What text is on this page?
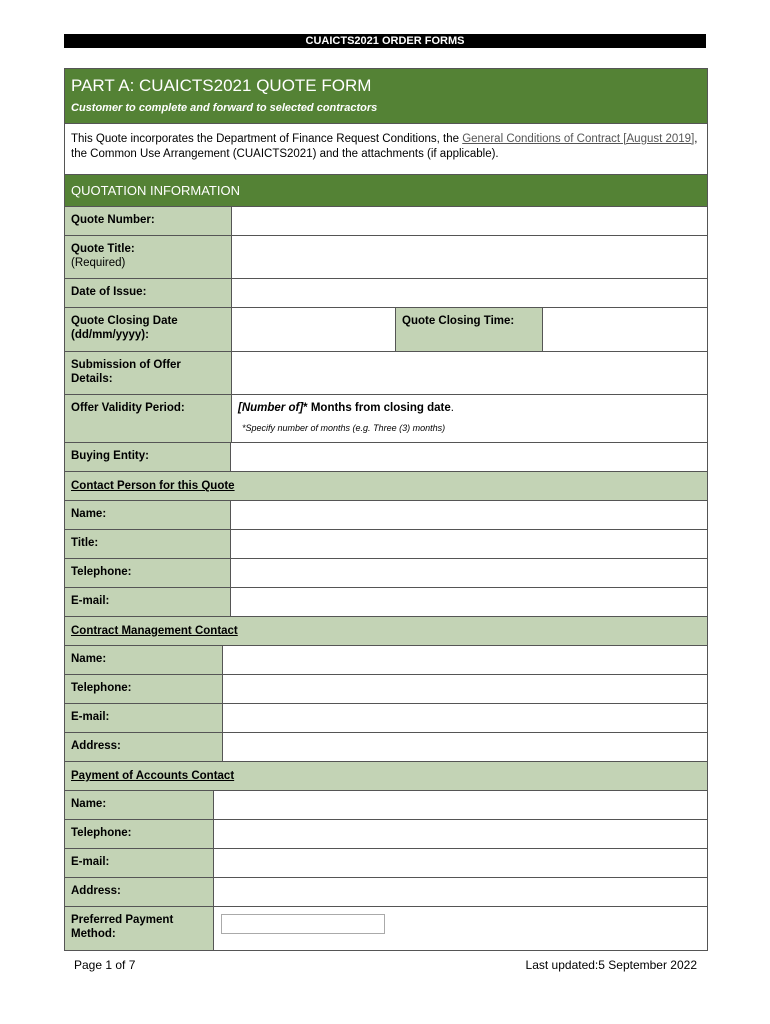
CUAICTS2021 ORDER FORMS
PART A: CUAICTS2021 QUOTE FORM
Customer to complete and forward to selected contractors
This Quote incorporates the Department of Finance Request Conditions, the General Conditions of Contract [August 2019], the Common Use Arrangement (CUAICTS2021) and the attachments (if applicable).
QUOTATION INFORMATION
Quote Number:
Quote Title:
(Required)
Date of Issue:
Quote Closing Date (dd/mm/yyyy):
Quote Closing Time:
Submission of Offer Details:
Offer Validity Period:	[Number of]* Months from closing date.
*Specify number of months (e.g. Three (3) months)
Buying Entity:
Contact Person for this Quote
Name:
Title:
Telephone:
E-mail:
Contract Management Contact
Name:
Telephone:
E-mail:
Address:
Payment of Accounts Contact
Name:
Telephone:
E-mail:
Address:
Preferred Payment Method:
Page 1 of 7	Last updated:5 September 2022
